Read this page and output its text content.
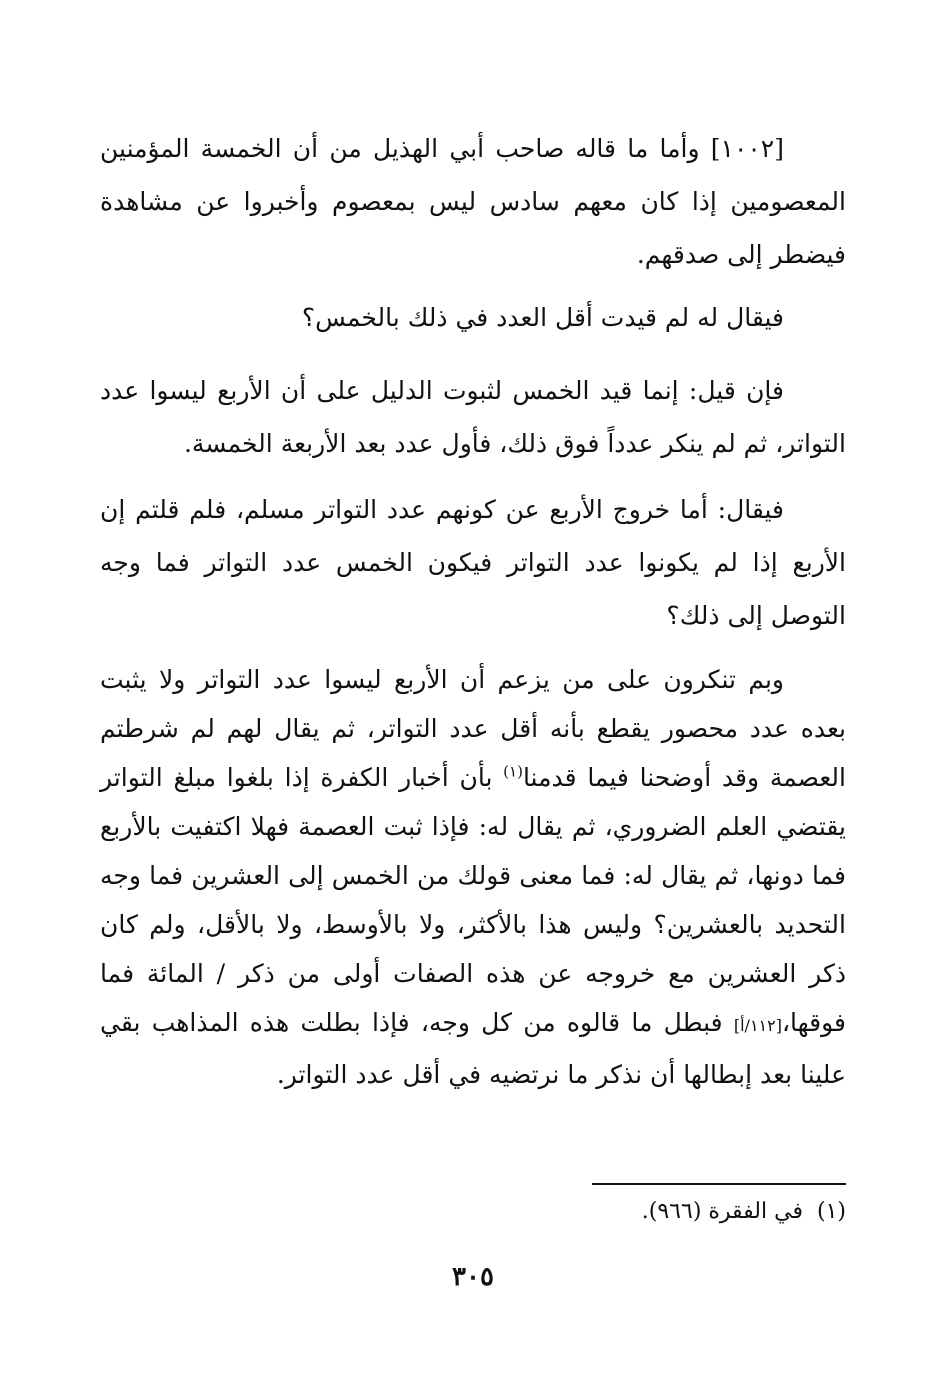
[١٠٠٢] وأما ما قاله صاحب أبي الهذيل من أن الخمسة المؤمنين المعصومين إذا كان معهم سادس ليس بمعصوم وأخبروا عن مشاهدة فيضطر إلى صدقهم.

فيقال له لم قيدت أقل العدد في ذلك بالخمس؟

فإن قيل: إنما قيد الخمس لثبوت الدليل على أن الأربع ليسوا عدد التواتر، ثم لم ينكر عدداً فوق ذلك، فأول عدد بعد الأربعة الخمسة.

فيقال: أما خروج الأربع عن كونهم عدد التواتر مسلم، فلم قلتم إن الأربع إذا لم يكونوا عدد التواتر فيكون الخمس عدد التواتر فما وجه التوصل إلى ذلك؟

وبم تنكرون على من يزعم أن الأربع ليسوا عدد التواتر ولا يثبت بعده عدد محصور يقطع بأنه أقل عدد التواتر، ثم يقال لهم لم شرطتم العصمة وقد أوضحنا فيما قدمنا$^{(١)}$ بأن أخبار الكفرة إذا بلغوا مبلغ التواتر يقتضي العلم الضروري، ثم يقال له: فإذا ثبت العصمة فهلا اكتفيت بالأربع فما دونها، ثم يقال له: فما معنى قولك من الخمس إلى العشرين فما وجه التحديد بالعشرين؟ وليس هذا بالأكثر، ولا بالأوسط، ولا بالأقل، ولم كان ذكر العشرين مع خروجه عن هذه الصفات أولى من ذكر / المائة فما فوقها،[١١٢/أ] فبطل ما قالوه من كل وجه، فإذا بطلت هذه المذاهب بقي علينا بعد إبطالها أن نذكر ما نرتضيه في أقل عدد التواتر.

(١)في الفقرة (٩٦٦).
٣٠٥
